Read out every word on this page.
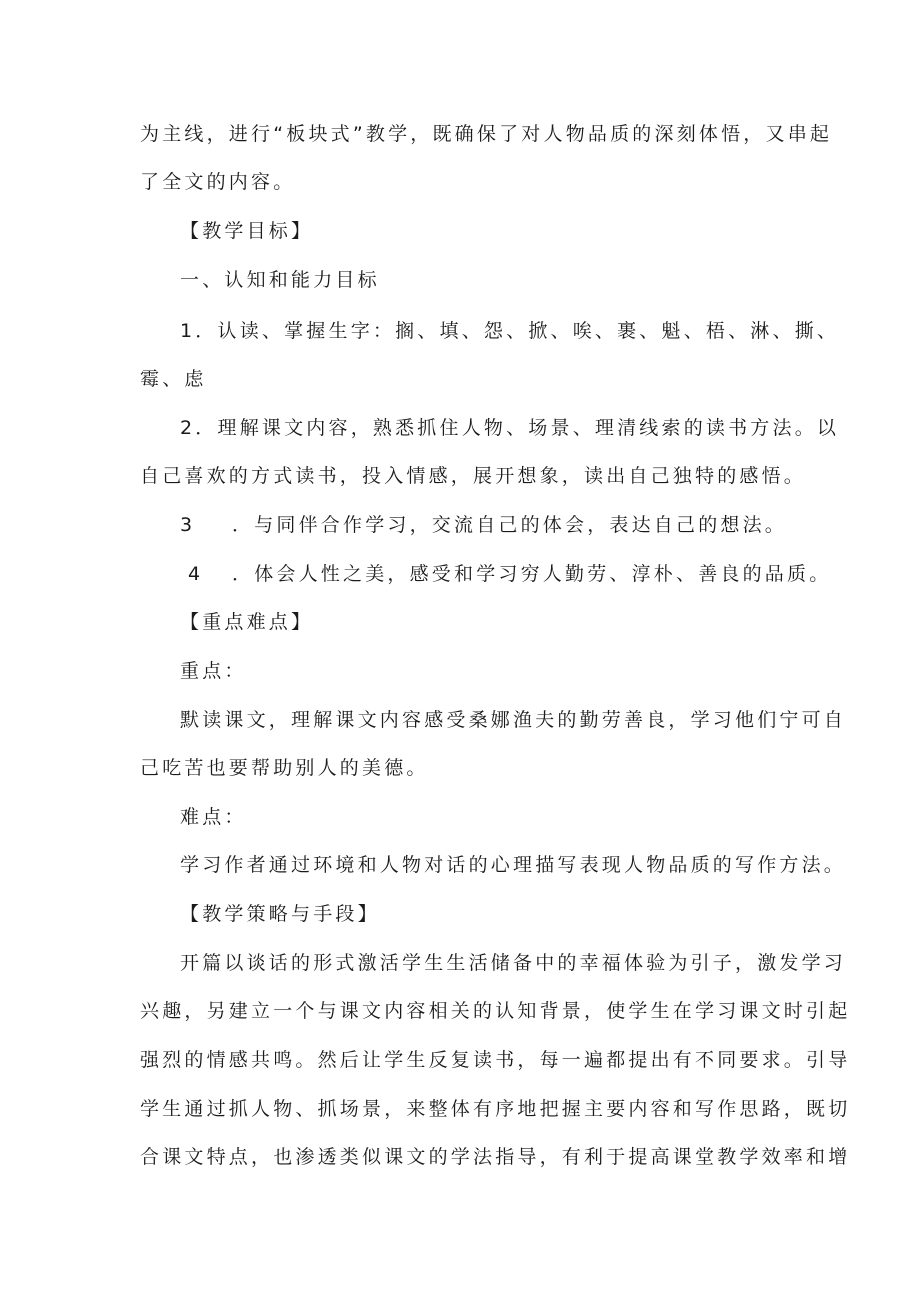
为主线，进行“板块式”教学，既确保了对人物品质的深刻体悟，又串起
了全文的内容。
【教学目标】
一、认知和能力目标
1．认读、掌握生字：搁、填、怨、掀、唉、裹、魁、梧、淋、撕、
霉、虑
2．理解课文内容，熟悉抓住人物、场景、理清线索的读书方法。以
自己喜欢的方式读书，投入情感，展开想象，读出自己独特的感悟。
3 ．与同伴合作学习，交流自己的体会，表达自己的想法。
4 ．体会人性之美，感受和学习穷人勤劳、淳朴、善良的品质。
【重点难点】
重点：
默读课文，理解课文内容感受桑娜渔夫的勤劳善良，学习他们宁可自
己吃苦也要帮助别人的美德。
难点：
学习作者通过环境和人物对话的心理描写表现人物品质的写作方法。
【教学策略与手段】
开篇以谈话的形式激活学生生活储备中的幸福体验为引子，激发学习
兴趣，另建立一个与课文内容相关的认知背景，使学生在学习课文时引起
强烈的情感共鸣。然后让学生反复读书，每一遍都提出有不同要求。引导
学生通过抓人物、抓场景，来整体有序地把握主要内容和写作思路，既切
合课文特点，也渗透类似课文的学法指导，有利于提高课堂教学效率和增
